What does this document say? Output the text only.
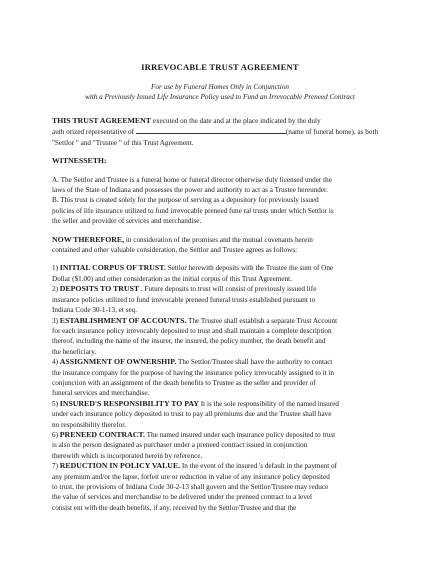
IRREVOCABLE TRUST AGREEMENT
For use by Funeral Homes Only in Conjunction
with a Previously Issued Life Insurance Policy used to Fund an Irrevocable Preneed Contract

THIS TRUST AGREEMENT executed on the date and at the place indicated by the duly

auth orized representative of	(name of funeral home), as both

"Settlor " and "Trustee " of this Trust Agreement.

WITNESSETH:

A. The Settlor and Trustee is a funeral home or funeral director otherwise duly licensed under the

laws of the State of Indiana and possesses the power and authority to act as a Trustee hereunder.

B. This trust is created solely for the purpose of serving as a depository for previously issued

policies of life insurance utilized to fund irrevocable preneed fune ral trusts under which Settlor is

the seller and provider of services and merchandise.

NOW THEREFORE, in consideration of the promises and the mutual covenants herein

contained and other valuable consideration, the Settlor and Trustee agrees as follows:

1) INITIAL CORPUS OF TRUST. Settlor herewith deposits with the Trustee the sum of One

Dollar ($1.00) and other consideration as the initial corpus of this Trust Agreement.

2) DEPOSITS TO TRUST . Future deposits to trust will consist of previously issued life

insurance policies utilized to fund irrevocable preneed funeral trusts established pursuant to

Indiana Code 30-1-13, et seq.

3) ESTABLISHMENT OF ACCOUNTS. The Trustee shall establish a separate Trust Account

for each insurance policy irrevocably deposited to trust and shall maintain a complete description

thereof, including the name of the insurer, the insured, the policy number, the death benefit and

the beneficiary.

4) ASSIGNMENT OF OWNERSHIP. The Settlor/Trustee shall have the authority to contact

the insurance company for the purpose of having the insurance policy irrevocably assigned to it in

conjunction with an assignment of the death benefits to Trustee as the seller and provider of

funeral services and merchandise.

5) INSURED'S RESPONSIBILITY TO PAY It is the sole responsibility of the named insured

under each insurance policy deposited to trust to pay all premiums due and the Trustee shall have

no responsibility therefor.

6) PRENEED CONTRACT. The named insured under each insurance policy deposited to trust

is also the person designated as purchaser under a preneed contract issued in conjunction

therewith which is incorporated herein by reference.

7) REDUCTION IN POLICY VALUE. In the event of the insured 's default in the payment of

any premium and/or the lapse, forfeit ure or reduction in value of any insurance policy deposited

to trust, the provisions of Indiana Code 30-2-13 shall govern and the Settlor/Trustee may reduce

the value of services and merchandise to be delivered under the preneed contract to a level

consist ent with the death benefits, if any, received by the Settlor/Trustee and that the
